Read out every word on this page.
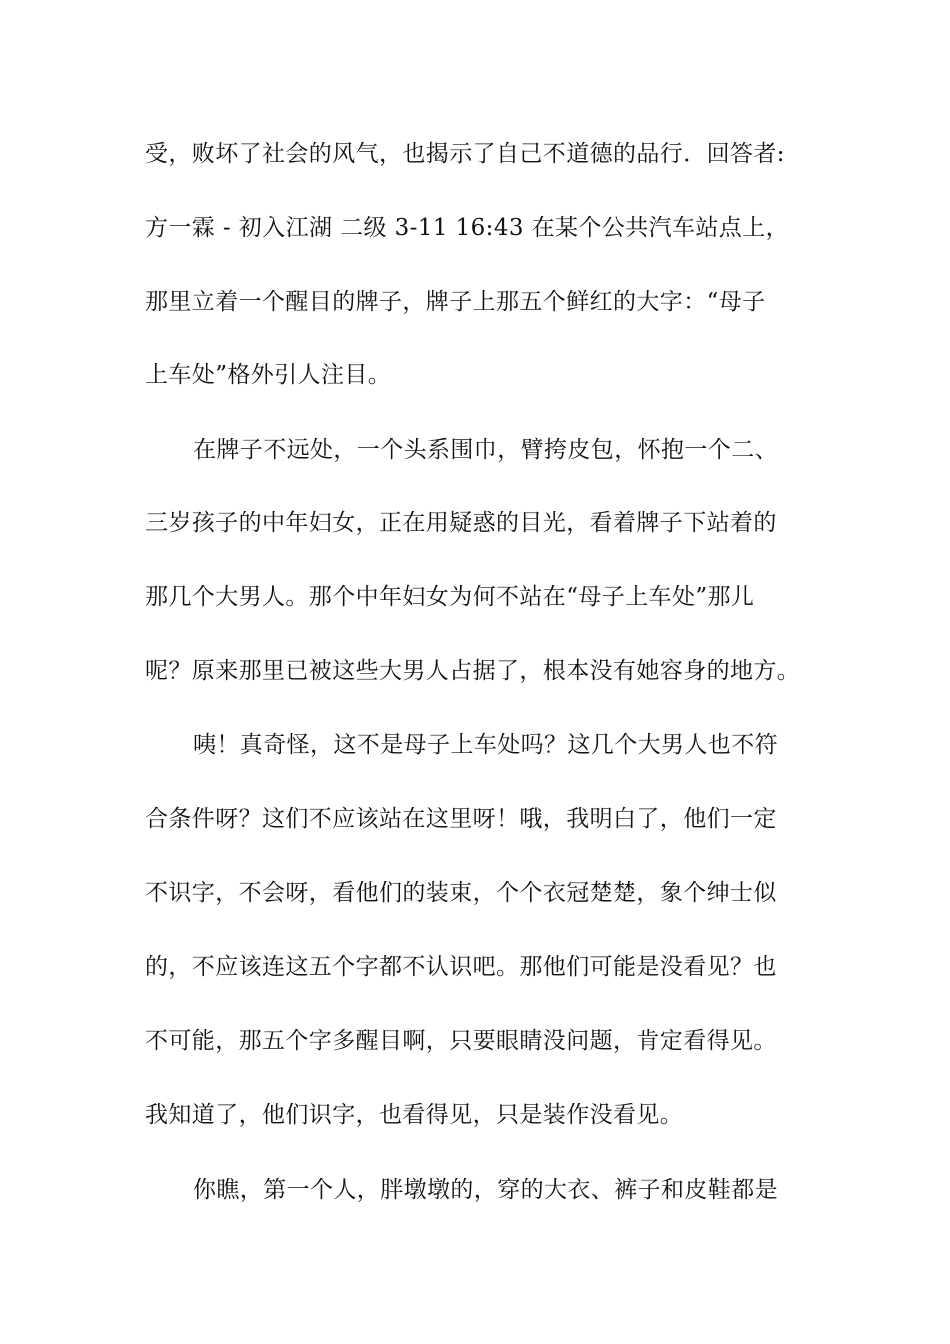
受，败坏了社会的风气，也揭示了自己不道德的品行．回答者:
方一霖 - 初入江湖 二级 3-11 16:43 在某个公共汽车站点上，
那里立着一个醒目的牌子，牌子上那五个鲜红的大字：“母子
上车处”格外引人注目。
在牌子不远处，一个头系围巾，臂挎皮包，怀抱一个二、
三岁孩子的中年妇女，正在用疑惑的目光，看着牌子下站着的
那几个大男人。那个中年妇女为何不站在“母子上车处”那儿
呢？原来那里已被这些大男人占据了，根本没有她容身的地方。
咦！真奇怪，这不是母子上车处吗？这几个大男人也不符
合条件呀？这们不应该站在这里呀！哦，我明白了，他们一定
不识字，不会呀，看他们的装束，个个衣冠楚楚，象个绅士似
的，不应该连这五个字都不认识吧。那他们可能是没看见？也
不可能，那五个字多醒目啊，只要眼睛没问题，肯定看得见。
我知道了，他们识字，也看得见，只是装作没看见。
你瞧，第一个人，胖墩墩的，穿的大衣、裤子和皮鞋都是
